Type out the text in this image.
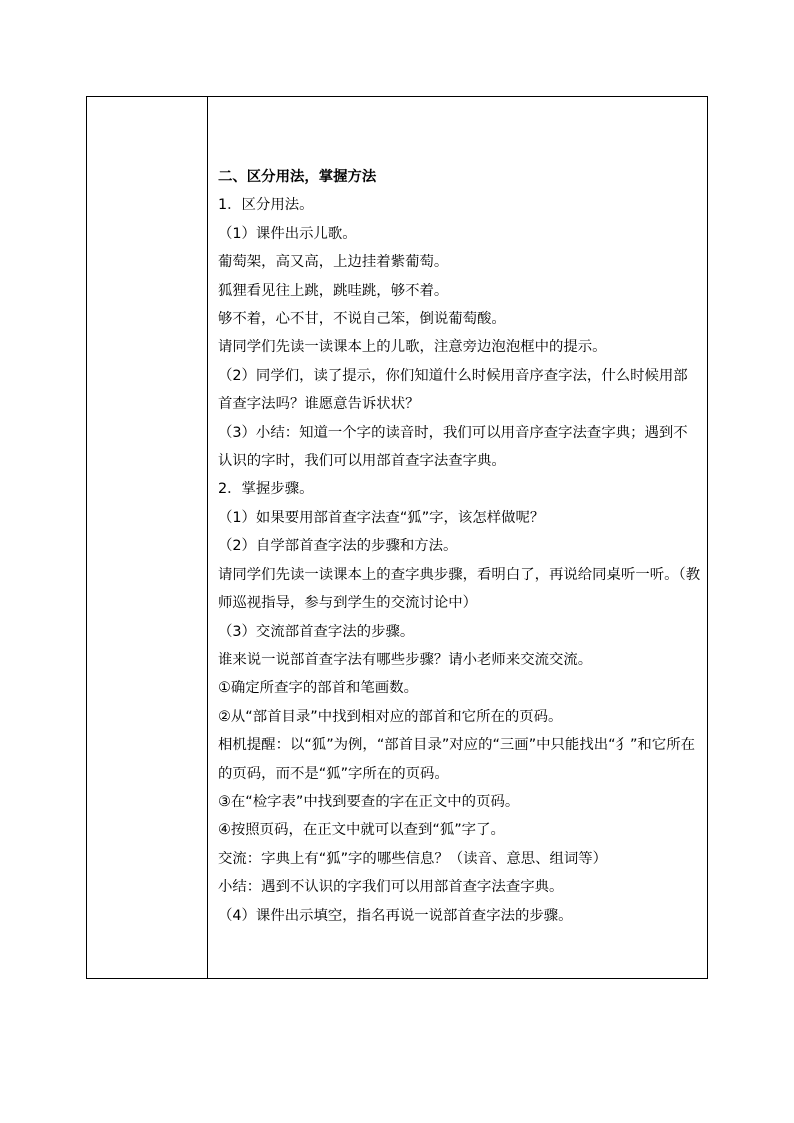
二、区分用法，掌握方法

1．区分用法。

（1）课件出示儿歌。

葡萄架，高又高，上边挂着紫葡萄。

狐狸看见往上跳，跳哇跳，够不着。

够不着，心不甘，不说自己笨，倒说葡萄酸。

请同学们先读一读课本上的儿歌，注意旁边泡泡框中的提示。

（2）同学们，读了提示，你们知道什么时候用音序查字法，什么时候用部首查字法吗？谁愿意告诉状状？

（3）小结：知道一个字的读音时，我们可以用音序查字法查字典；遇到不认识的字时，我们可以用部首查字法查字典。

2．掌握步骤。

（1）如果要用部首查字法查“狐”字，该怎样做呢？

（2）自学部首查字法的步骤和方法。

请同学们先读一读课本上的查字典步骤，看明白了，再说给同桌听一听。（教师巡视指导，参与到学生的交流讨论中）

（3）交流部首查字法的步骤。

谁来说一说部首查字法有哪些步骤？请小老师来交流交流。

①确定所查字的部首和笔画数。

②从“部首目录”中找到相对应的部首和它所在的页码。

相机提醒：以“狐”为例，“部首目录”对应的“三画”中只能找出“犭”和它所在的页码，而不是“狐”字所在的页码。

③在“检字表”中找到要查的字在正文中的页码。

④按照页码，在正文中就可以查到“狐”字了。

交流：字典上有“狐”字的哪些信息？（读音、意思、组词等）

小结：遇到不认识的字我们可以用部首查字法查字典。

（4）课件出示填空，指名再说一说部首查字法的步骤。
